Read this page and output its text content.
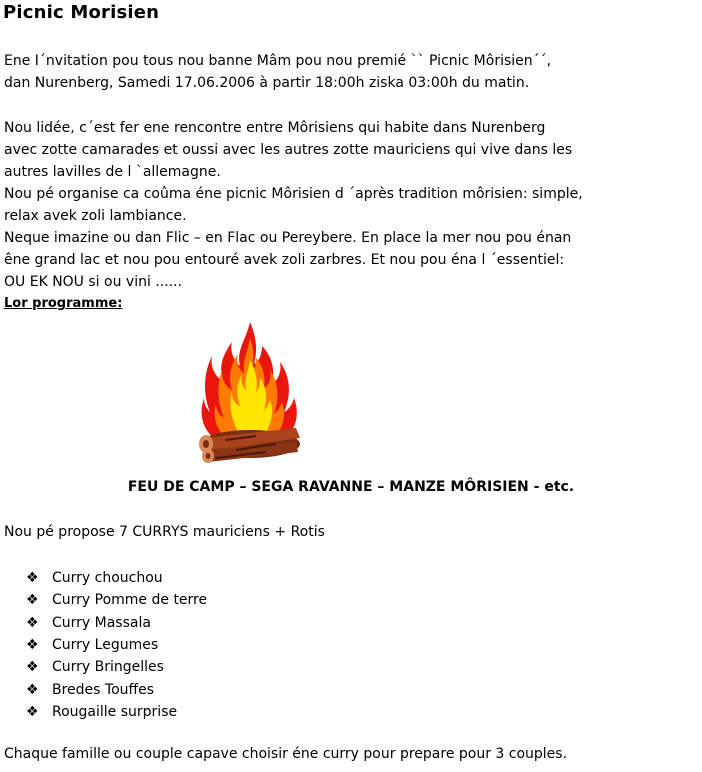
Picnic Morisien
Ene I´nvitation pou tous nou banne Mâm pou nou premié `` Picnic Môrisien´´,
dan Nurenberg, Samedi 17.06.2006 à partir 18:00h ziska 03:00h du matin.
Nou lidée, c´est fer ene rencontre entre Môrisiens qui habite dans Nurenberg
avec zotte camarades et oussi avec les autres zotte mauriciens qui vive dans les
autres lavilles de l `allemagne.
Nou pé organise ca coûma éne picnic Môrisien d ´après tradition môrisien: simple,
relax avek zoli lambiance.
Neque imazine ou dan Flic – en Flac ou Pereybere. En place la mer nou pou énan
êne grand lac et nou pou entouré avek zoli zarbres. Et nou pou éna l ´essentiel:
OU EK NOU si ou vini ......
Lor programme:
FEU DE CAMP – SEGA RAVANNE – MANZE MÔRISIEN - etc.
Nou pé propose 7 CURRYS mauriciens + Rotis
❖ Curry chouchou
❖ Curry Pomme de terre
❖ Curry Massala
❖ Curry Legumes
❖ Curry Bringelles
❖ Bredes Touffes
❖ Rougaille surprise
Chaque famille ou couple capave choisir éne curry pour prepare pour 3 couples.
